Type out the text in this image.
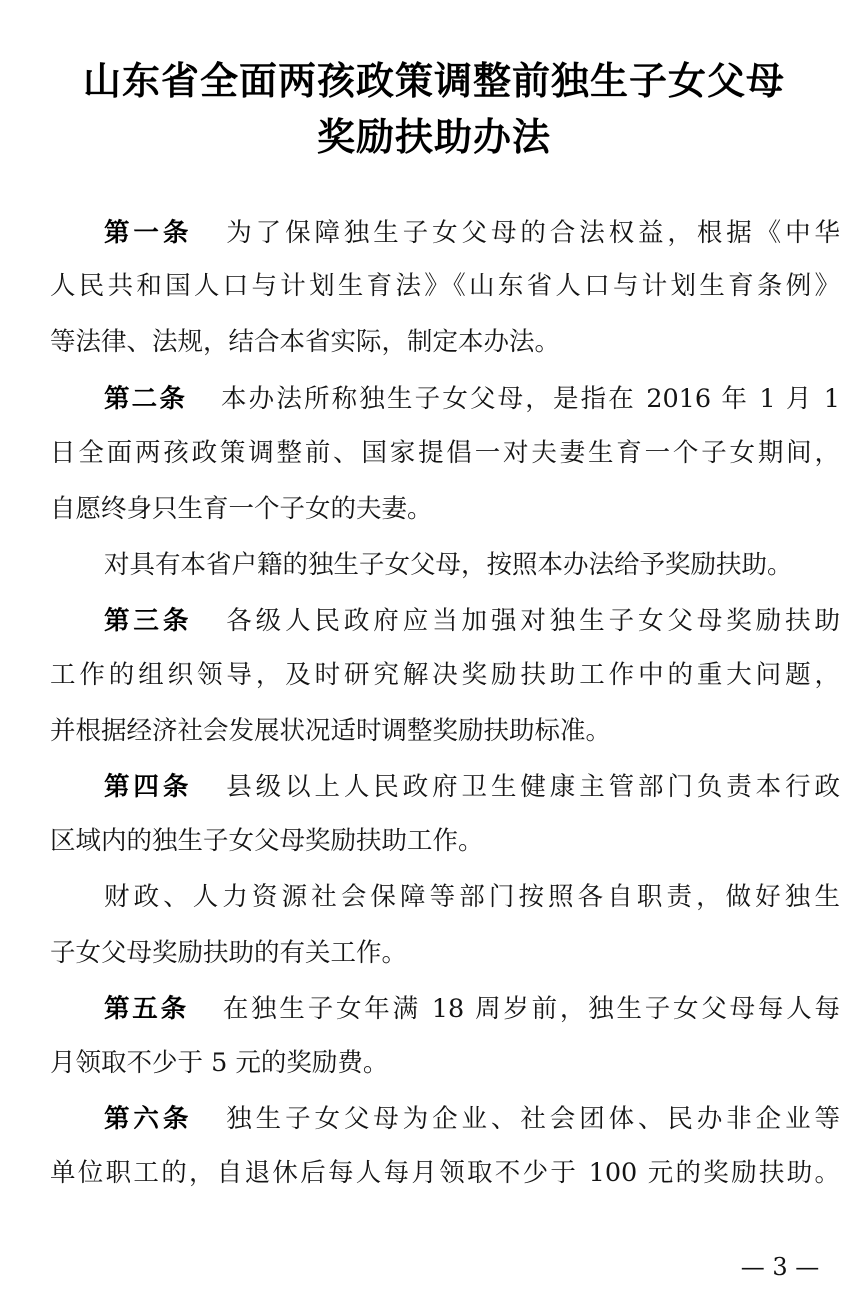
山东省全面两孩政策调整前独生子女父母
奖励扶助办法
第一条 为了保障独生子女父母的合法权益，根据《中华
人民共和国人口与计划生育法》《山东省人口与计划生育条例》
等法律、法规，结合本省实际，制定本办法。
第二条 本办法所称独生子女父母，是指在 2016 年 1 月 1
日全面两孩政策调整前、国家提倡一对夫妻生育一个子女期间，
自愿终身只生育一个子女的夫妻。
对具有本省户籍的独生子女父母，按照本办法给予奖励扶助。
第三条 各级人民政府应当加强对独生子女父母奖励扶助
工作的组织领导，及时研究解决奖励扶助工作中的重大问题，
并根据经济社会发展状况适时调整奖励扶助标准。
第四条 县级以上人民政府卫生健康主管部门负责本行政
区域内的独生子女父母奖励扶助工作。
财政、人力资源社会保障等部门按照各自职责，做好独生
子女父母奖励扶助的有关工作。
第五条 在独生子女年满 18 周岁前，独生子女父母每人每
月领取不少于 5 元的奖励费。
第六条 独生子女父母为企业、社会团体、民办非企业等
单位职工的，自退休后每人每月领取不少于 100 元的奖励扶助。
— 3 —
